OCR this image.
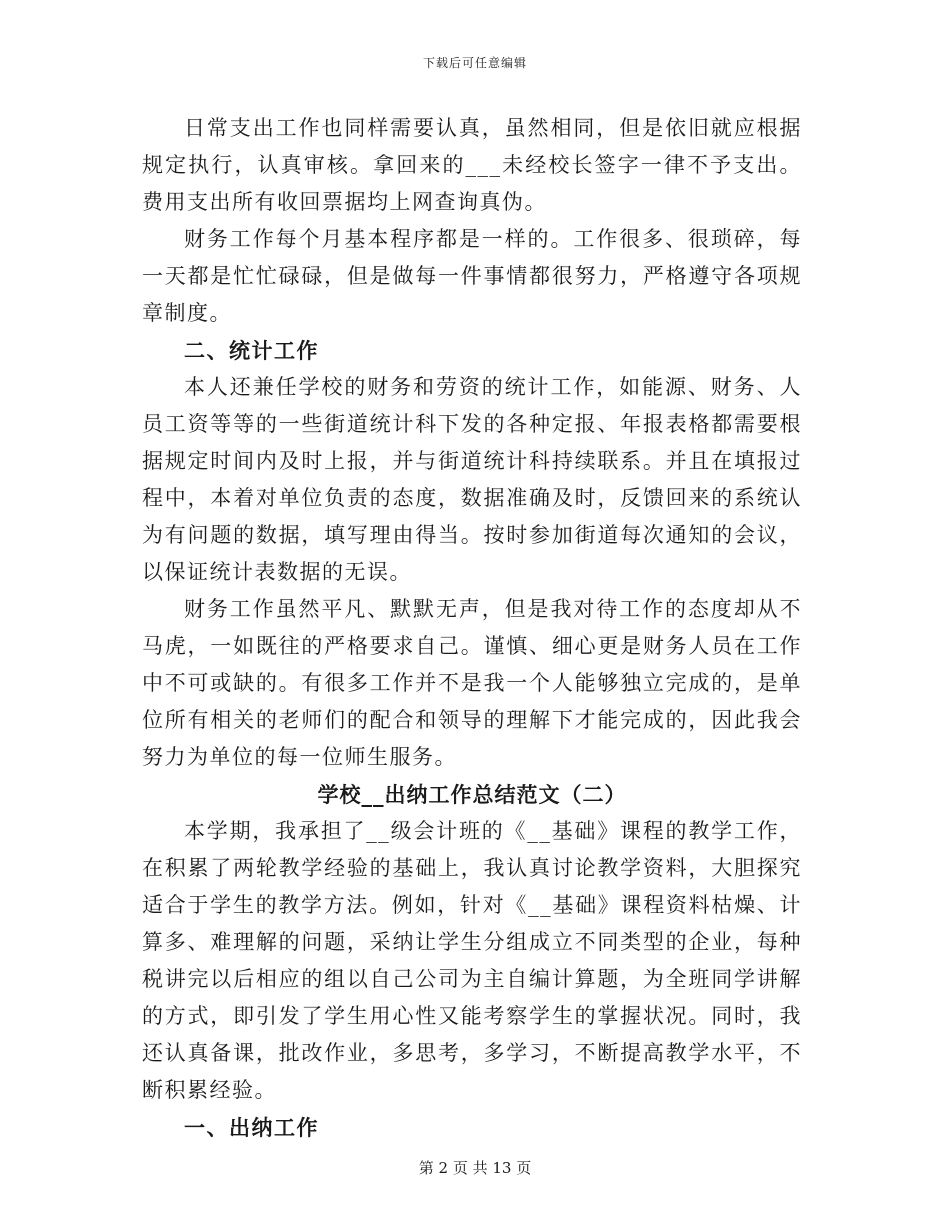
下载后可任意编辑

日常支出工作也同样需要认真，虽然相同，但是依旧就应根据规定执行，认真审核。拿回来的___未经校长签字一律不予支出。费用支出所有收回票据均上网查询真伪。

财务工作每个月基本程序都是一样的。工作很多、很琐碎，每一天都是忙忙碌碌，但是做每一件事情都很努力，严格遵守各项规章制度。

二、统计工作

本人还兼任学校的财务和劳资的统计工作，如能源、财务、人员工资等等的一些街道统计科下发的各种定报、年报表格都需要根据规定时间内及时上报，并与街道统计科持续联系。并且在填报过程中，本着对单位负责的态度，数据准确及时，反馈回来的系统认为有问题的数据，填写理由得当。按时参加街道每次通知的会议，以保证统计表数据的无误。

财务工作虽然平凡、默默无声，但是我对待工作的态度却从不马虎，一如既往的严格要求自己。谨慎、细心更是财务人员在工作中不可或缺的。有很多工作并不是我一个人能够独立完成的，是单位所有相关的老师们的配合和领导的理解下才能完成的，因此我会努力为单位的每一位师生服务。

学校__出纳工作总结范文（二）

本学期，我承担了__级会计班的《__基础》课程的教学工作，在积累了两轮教学经验的基础上，我认真讨论教学资料，大胆探究适合于学生的教学方法。例如，针对《__基础》课程资料枯燥、计算多、难理解的问题，采纳让学生分组成立不同类型的企业，每种税讲完以后相应的组以自己公司为主自编计算题，为全班同学讲解的方式，即引发了学生用心性又能考察学生的掌握状况。同时，我还认真备课，批改作业，多思考，多学习，不断提高教学水平，不断积累经验。

一、出纳工作

第 2 页 共 13 页
